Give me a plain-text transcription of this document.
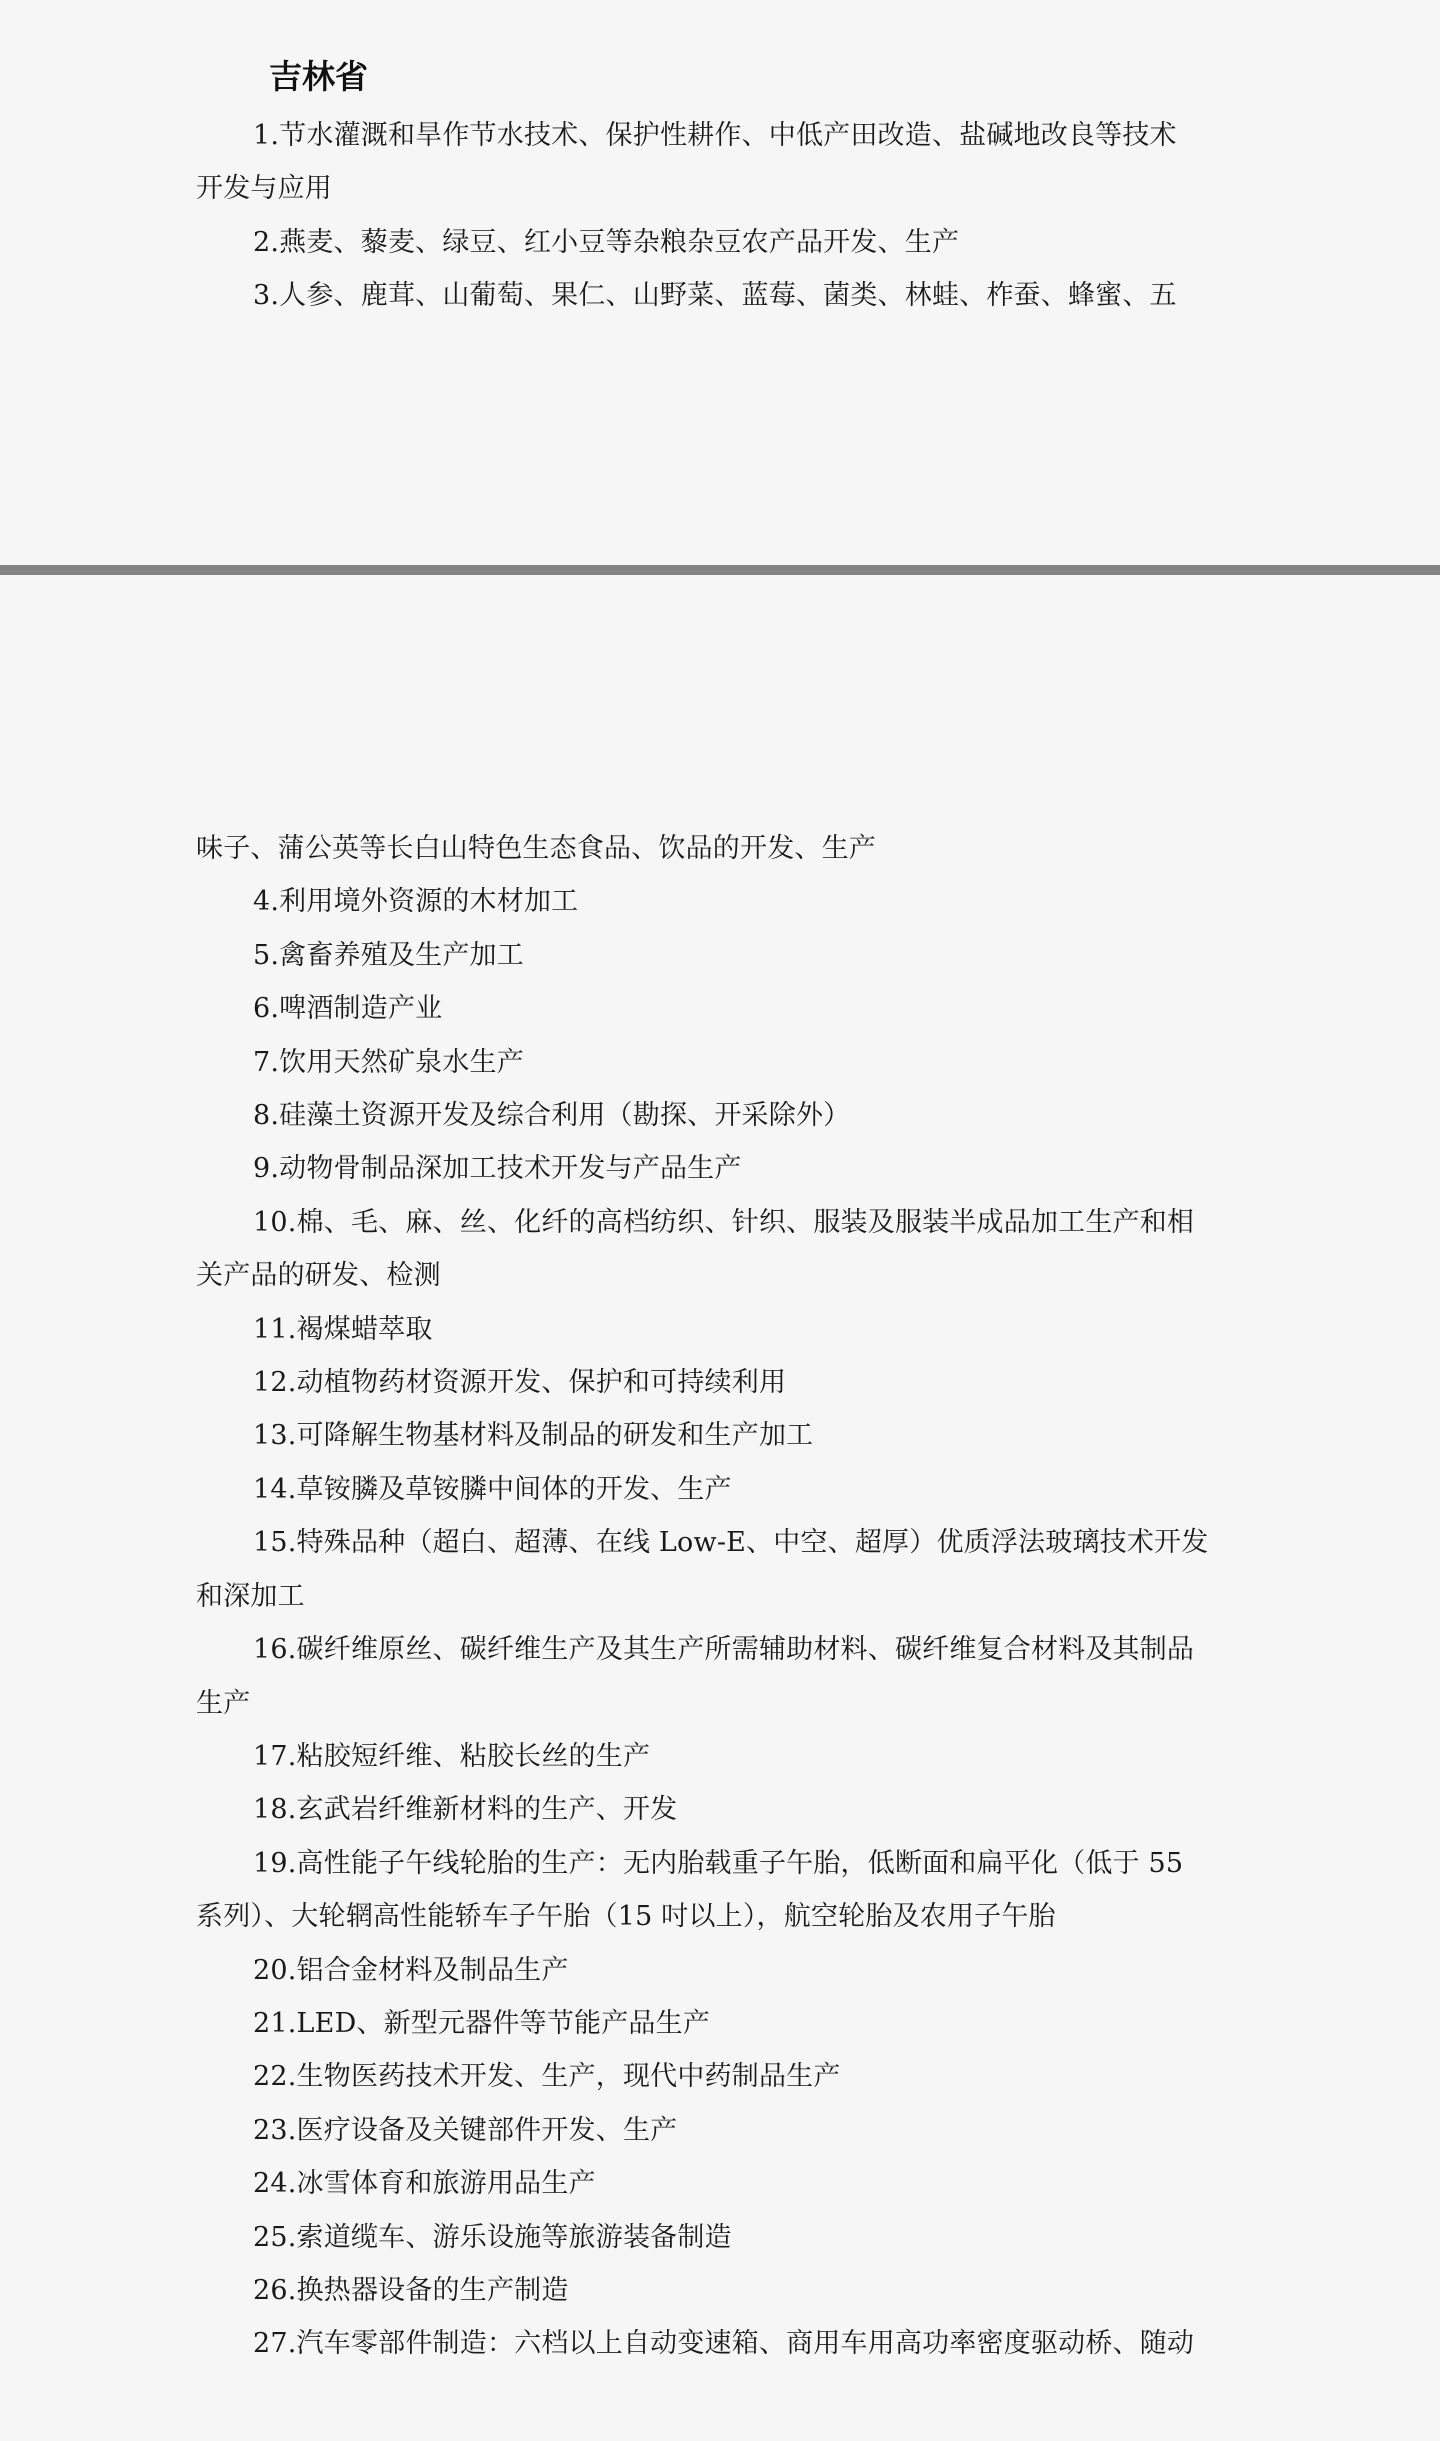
吉林省

1.节水灌溉和旱作节水技术、保护性耕作、中低产田改造、盐碱地改良等技术

开发与应用

2.燕麦、藜麦、绿豆、红小豆等杂粮杂豆农产品开发、生产

3.人参、鹿茸、山葡萄、果仁、山野菜、蓝莓、菌类、林蛙、柞蚕、蜂蜜、五

味子、蒲公英等长白山特色生态食品、饮品的开发、生产

4.利用境外资源的木材加工

5.禽畜养殖及生产加工

6.啤酒制造产业

7.饮用天然矿泉水生产

8.硅藻土资源开发及综合利用（勘探、开采除外）

9.动物骨制品深加工技术开发与产品生产

10.棉、毛、麻、丝、化纤的高档纺织、针织、服装及服装半成品加工生产和相

关产品的研发、检测

11.褐煤蜡萃取

12.动植物药材资源开发、保护和可持续利用

13.可降解生物基材料及制品的研发和生产加工

14.草铵膦及草铵膦中间体的开发、生产

15.特殊品种（超白、超薄、在线 Low-E、中空、超厚）优质浮法玻璃技术开发

和深加工

16.碳纤维原丝、碳纤维生产及其生产所需辅助材料、碳纤维复合材料及其制品

生产

17.粘胶短纤维、粘胶长丝的生产

18.玄武岩纤维新材料的生产、开发

19.高性能子午线轮胎的生产：无内胎载重子午胎，低断面和扁平化（低于 55

系列）、大轮辋高性能轿车子午胎（15 吋以上），航空轮胎及农用子午胎

20.铝合金材料及制品生产

21.LED、新型元器件等节能产品生产

22.生物医药技术开发、生产，现代中药制品生产

23.医疗设备及关键部件开发、生产

24.冰雪体育和旅游用品生产

25.索道缆车、游乐设施等旅游装备制造

26.换热器设备的生产制造

27.汽车零部件制造：六档以上自动变速箱、商用车用高功率密度驱动桥、随动
